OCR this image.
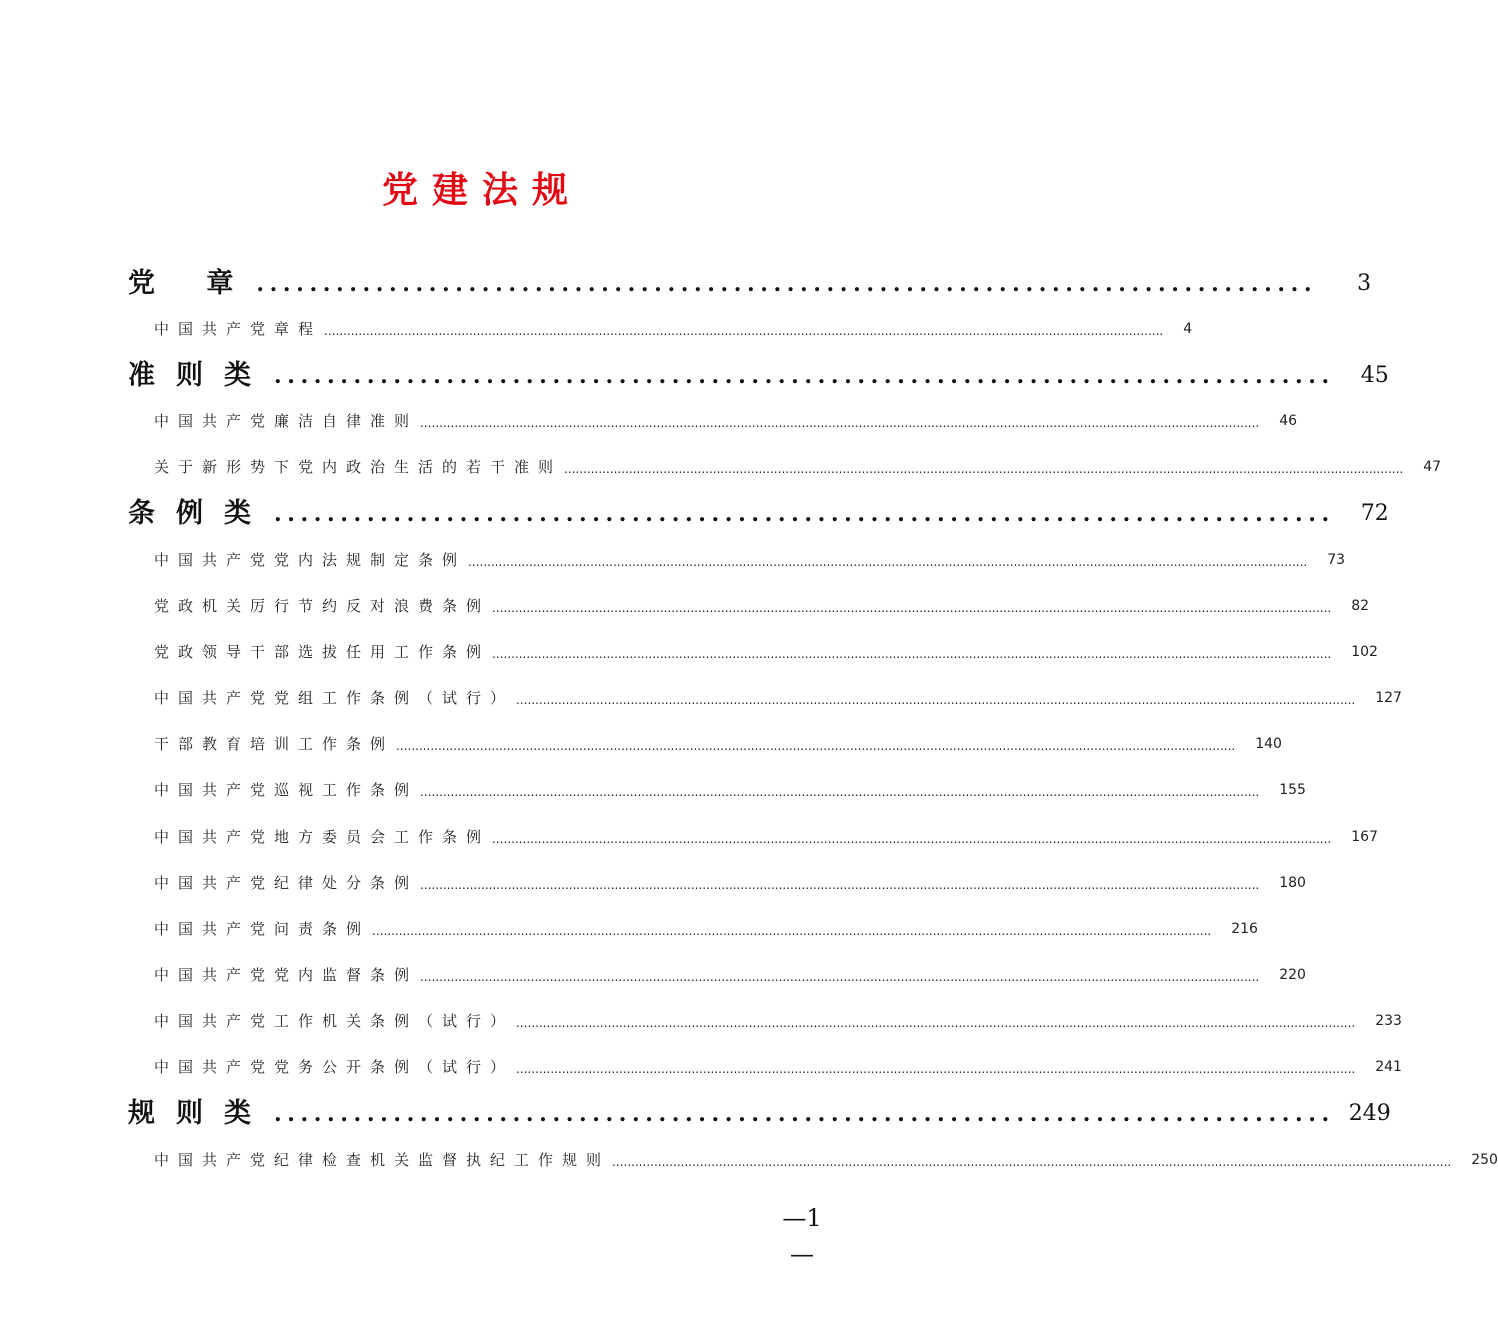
党建法规
党 章 ................................................................................	3
中国共产党章程 ............................................................................................................................................................................................................................ 4
准则类 ................................................................................	45
中国共产党廉洁自律准则 ............................................................................................................................................................................................................................ 46
关于新形势下党内政治生活的若干准则 ............................................................................................................................................................................................................................ 47
条例类 ................................................................................	72
中国共产党党内法规制定条例 ............................................................................................................................................................................................................................ 73
党政机关厉行节约反对浪费条例 ............................................................................................................................................................................................................................ 82
党政领导干部选拔任用工作条例 ............................................................................................................................................................................................................................ 102
中国共产党党组工作条例（试行） ............................................................................................................................................................................................................................ 127
干部教育培训工作条例 ............................................................................................................................................................................................................................ 140
中国共产党巡视工作条例 ............................................................................................................................................................................................................................ 155
中国共产党地方委员会工作条例 ............................................................................................................................................................................................................................ 167
中国共产党纪律处分条例 ............................................................................................................................................................................................................................ 180
中国共产党问责条例 ............................................................................................................................................................................................................................ 216
中国共产党党内监督条例 ............................................................................................................................................................................................................................ 220
中国共产党工作机关条例（试行） ............................................................................................................................................................................................................................ 233
中国共产党党务公开条例（试行） ............................................................................................................................................................................................................................ 241
规则类 ................................................................................ 249
中国共产党纪律检查机关监督执纪工作规则 ............................................................................................................................................................................................................................ 250
—1—
